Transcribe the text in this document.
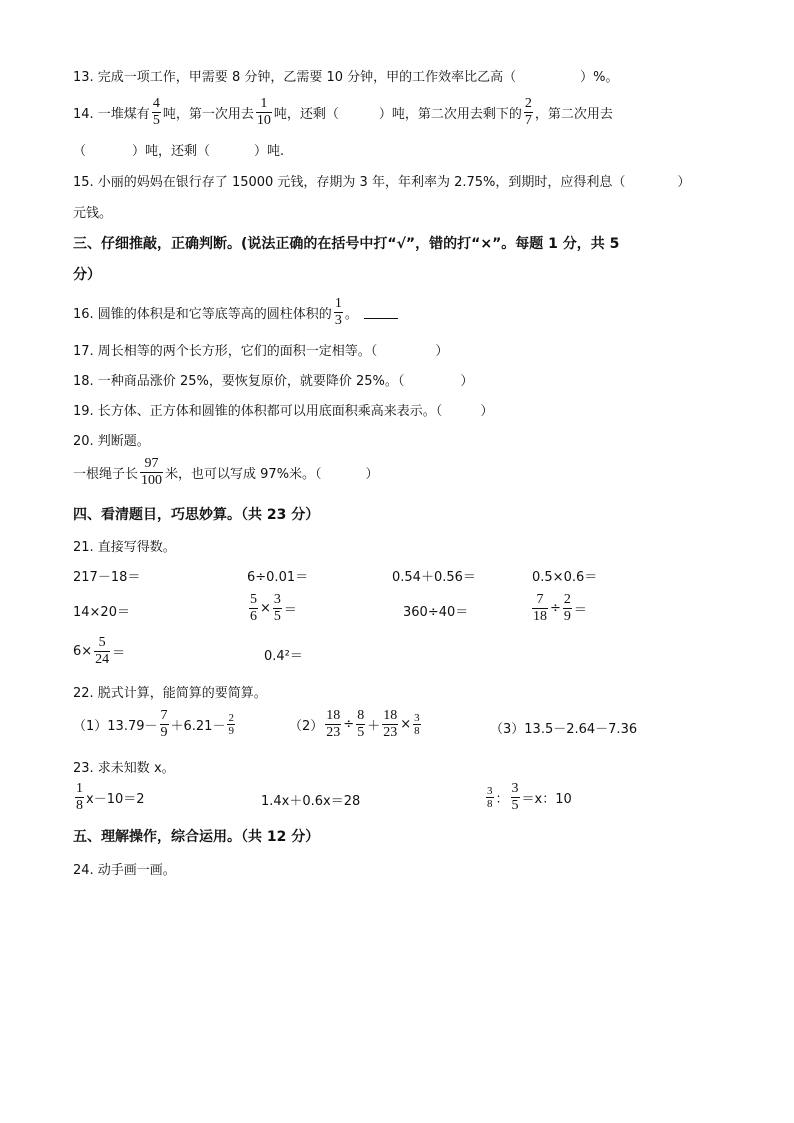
13. 完成一项工作，甲需要 8 分钟，乙需要 10 分钟，甲的工作效率比乙高（	）%。
14. 一堆煤有
4
5 吨，第一次用去
1
10 吨，还剩（	）吨，第二次用去剩下的
2
7 ，第二次用去
（	）吨，还剩（	）吨.
15. 小丽的妈妈在银行存了 15000 元钱，存期为 3 年，年利率为 2.75%，到期时，应得利息（	）
元钱。
三、仔细推敲，正确判断。(说法正确的在括号中打“√”，错的打“×”。每题 1 分，共 5
分）
16. 圆锥的体积是和它等底等高的圆柱体积的
1
3 。
17. 周长相等的两个长方形，它们的面积一定相等。（	）
18. 一种商品涨价 25%，要恢复原价，就要降价 25%。（	）
19. 长方体、正方体和圆锥的体积都可以用底面积乘高来表示。（	）
20. 判断题。
一根绳子长
97
100 米，也可以写成 97%米。（	）
四、看清题目，巧思妙算。（共 23 分）
21. 直接写得数。
217－18＝	6÷0.01＝	0.54＋0.56＝	0.5×0.6＝
14×20＝	$\frac{5}{6} \times \frac{3}{5}$ ＝	360÷40＝	$\frac{7}{18} \div \frac{2}{9}$ ＝
$6\times \frac{5}{24}$ ＝	0.4²＝
22. 脱式计算，能简算的要简算。
（1）13.79－
7
9 ＋6.21－
2
9	$(2) \frac{18}{23} \div \frac{8}{5} + \frac{18}{23} \times \frac{3}{8}$	（3）13.5－2.64－7.36
23. 求未知数 x。
1
8 x－10＝2	1.4x＋0.6x＝28
3
8 ：
3
5 ＝x：10
五、理解操作，综合运用。（共 12 分）
24. 动手画一画。
